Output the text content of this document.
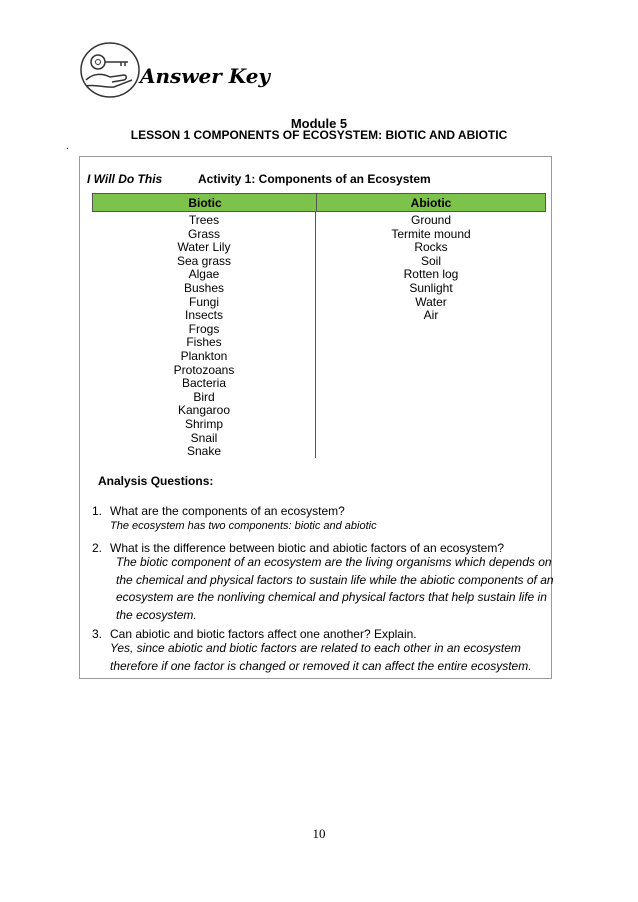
Answer Key
Module 5
LESSON 1 COMPONENTS OF ECOSYSTEM: BIOTIC AND ABIOTIC
.
I Will Do This	Activity 1: Components of an Ecosystem
Biotic	Abiotic
Trees
Grass
Water Lily
Sea grass
Algae
Bushes
Fungi
Insects
Frogs
Fishes
Plankton
Protozoans
Bacteria
Bird
Kangaroo
Shrimp
Snail
Snake
Ground
Termite mound
Rocks
Soil
Rotten log
Sunlight
Water
Air
Analysis Questions:
1. What are the components of an ecosystem?
The ecosystem has two components: biotic and abiotic
2. What is the difference between biotic and abiotic factors of an ecosystem?
The biotic component of an ecosystem are the living organisms which depends on
the chemical and physical factors to sustain life while the abiotic components of an
ecosystem are the nonliving chemical and physical factors that help sustain life in
the ecosystem.
3. Can abiotic and biotic factors affect one another? Explain.
Yes, since abiotic and biotic factors are related to each other in an ecosystem
therefore if one factor is changed or removed it can affect the entire ecosystem.
10
